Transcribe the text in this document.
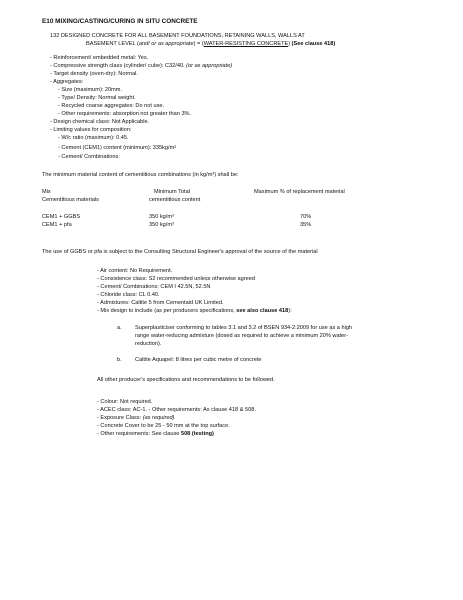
E10 MIXING/CASTING/CURING IN SITU CONCRETE
132 DESIGNED CONCRETE FOR ALL BASEMENT FOUNDATIONS, RETAINING WALLS, WALLS AT
BASEMENT LEVEL (and/ or as appropriate) = (WATER-RESISTING CONCRETE) (See clause 418)
- Reinforcement/ embedded metal: Yes.
- Compressive strength class (cylinder/ cube): C32/40. (or as appropriate)
- Target density (oven-dry): Normal.
- Aggregates:
- Size (maximum): 20mm.
- Type/ Density: Normal weight.
- Recycled coarse aggregates: Do not use.
- Other requirements: absorption not greater than 3%.
- Design chemical class: Not Applicable.
- Limiting values for composition:
- W/c ratio (maximum): 0.45.
- Cement (CEM1) content (minimum): $335kg/m^3$
- Cement/ Combinations:
The minimum material content of cementitious combinations (in kg/m³) shall be:
Mix	Minimum Total	Maximum % of replacement material
Cementitious materials	cementitious content
CEM1 + GGBS	350 kg/m³	70%
CEM1 + pfa	350 kg/m³	35%
The use of GGBS or pfa is subject to the Consulting Structural Engineer's approval of the source of the material
- Air content: No Requirement.
- Consistence class: S2 recommended unless otherwise agreed
- Cement/ Combinations: CEM I 42.5N, 52.5N
- Chloride class: CL 0.40.
- Admixtures: Caltite 5 from Cementaid UK Limited.
- Mix design to include (as per producers specifications, see also clause 418):
a. Superplasticiser conforming to tables 3.1 and 3.2 of BSEN 934-2:2009 for use as a high
range water-reducing admixture (dosed as required to achieve a minimum 20% water-
reduction).
b. Caltite Aquapel: 8 litres per cubic metre of concrete
All other producer's specifications and recommendations to be followed.
- Colour: Not required.
- ACEC class: AC-1. - Other requirements: As clause 418 & 508.
- Exposure Class: (as required)
- Concrete Cover to be 25 - 50 mm at the top surface.
- Other requirements: See clause 508 (testing)
